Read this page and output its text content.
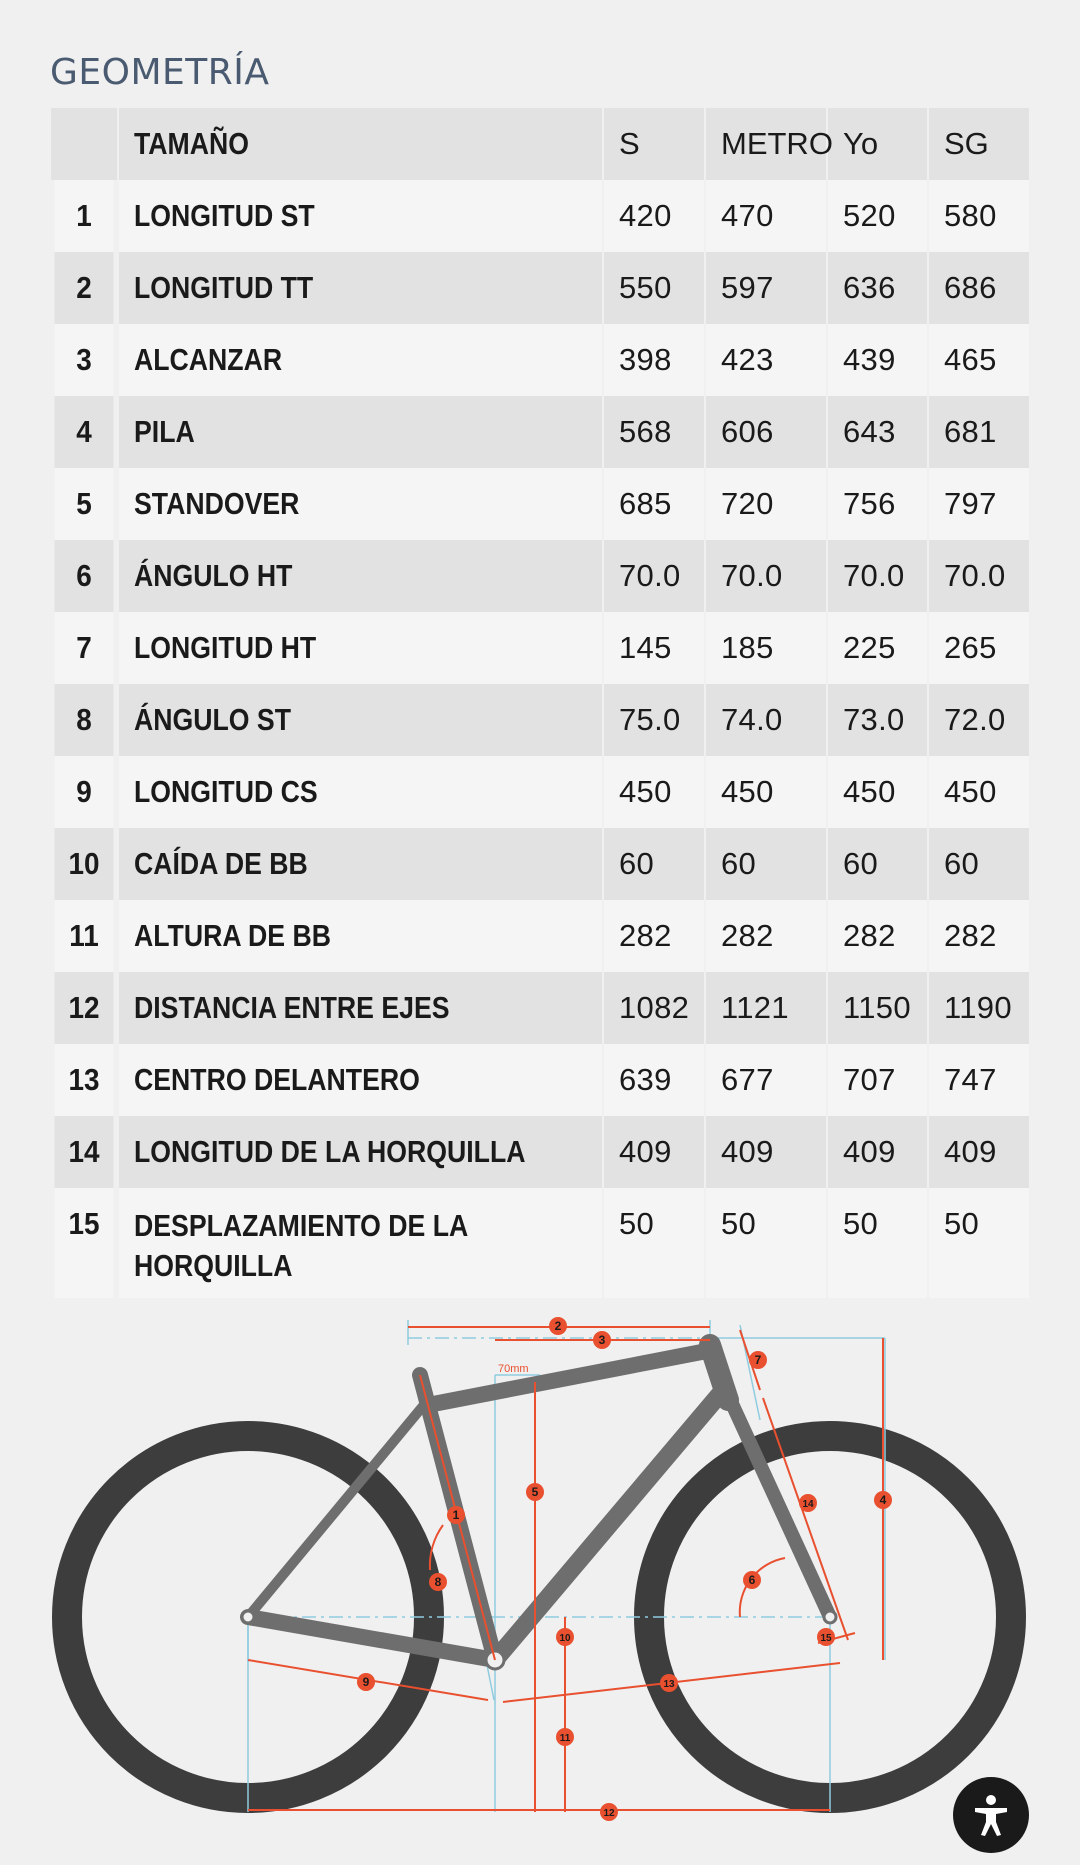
GEOMETRÍA
	TAMAÑO	S	METRO	Yo	SG
1	LONGITUD ST	420	470	520	580
2	LONGITUD TT	550	597	636	686
3	ALCANZAR	398	423	439	465
4	PILA	568	606	643	681
5	STANDOVER	685	720	756	797
6	ÁNGULO HT	70.0	70.0	70.0	70.0
7	LONGITUD HT	145	185	225	265
8	ÁNGULO ST	75.0	74.0	73.0	72.0
9	LONGITUD CS	450	450	450	450
10	CAÍDA DE BB	60	60	60	60
11	ALTURA DE BB	282	282	282	282
12	DISTANCIA ENTRE EJES	1082	1121	1150	1190
13	CENTRO DELANTERO	639	677	707	747
14	LONGITUD DE LA HORQUILLA	409	409	409	409
15	DESPLAZAMIENTO DE LA HORQUILLA	50	50	50	50
70mm
1
2
3
4
5
6
7
8
9
10
11
12
13
14
15
